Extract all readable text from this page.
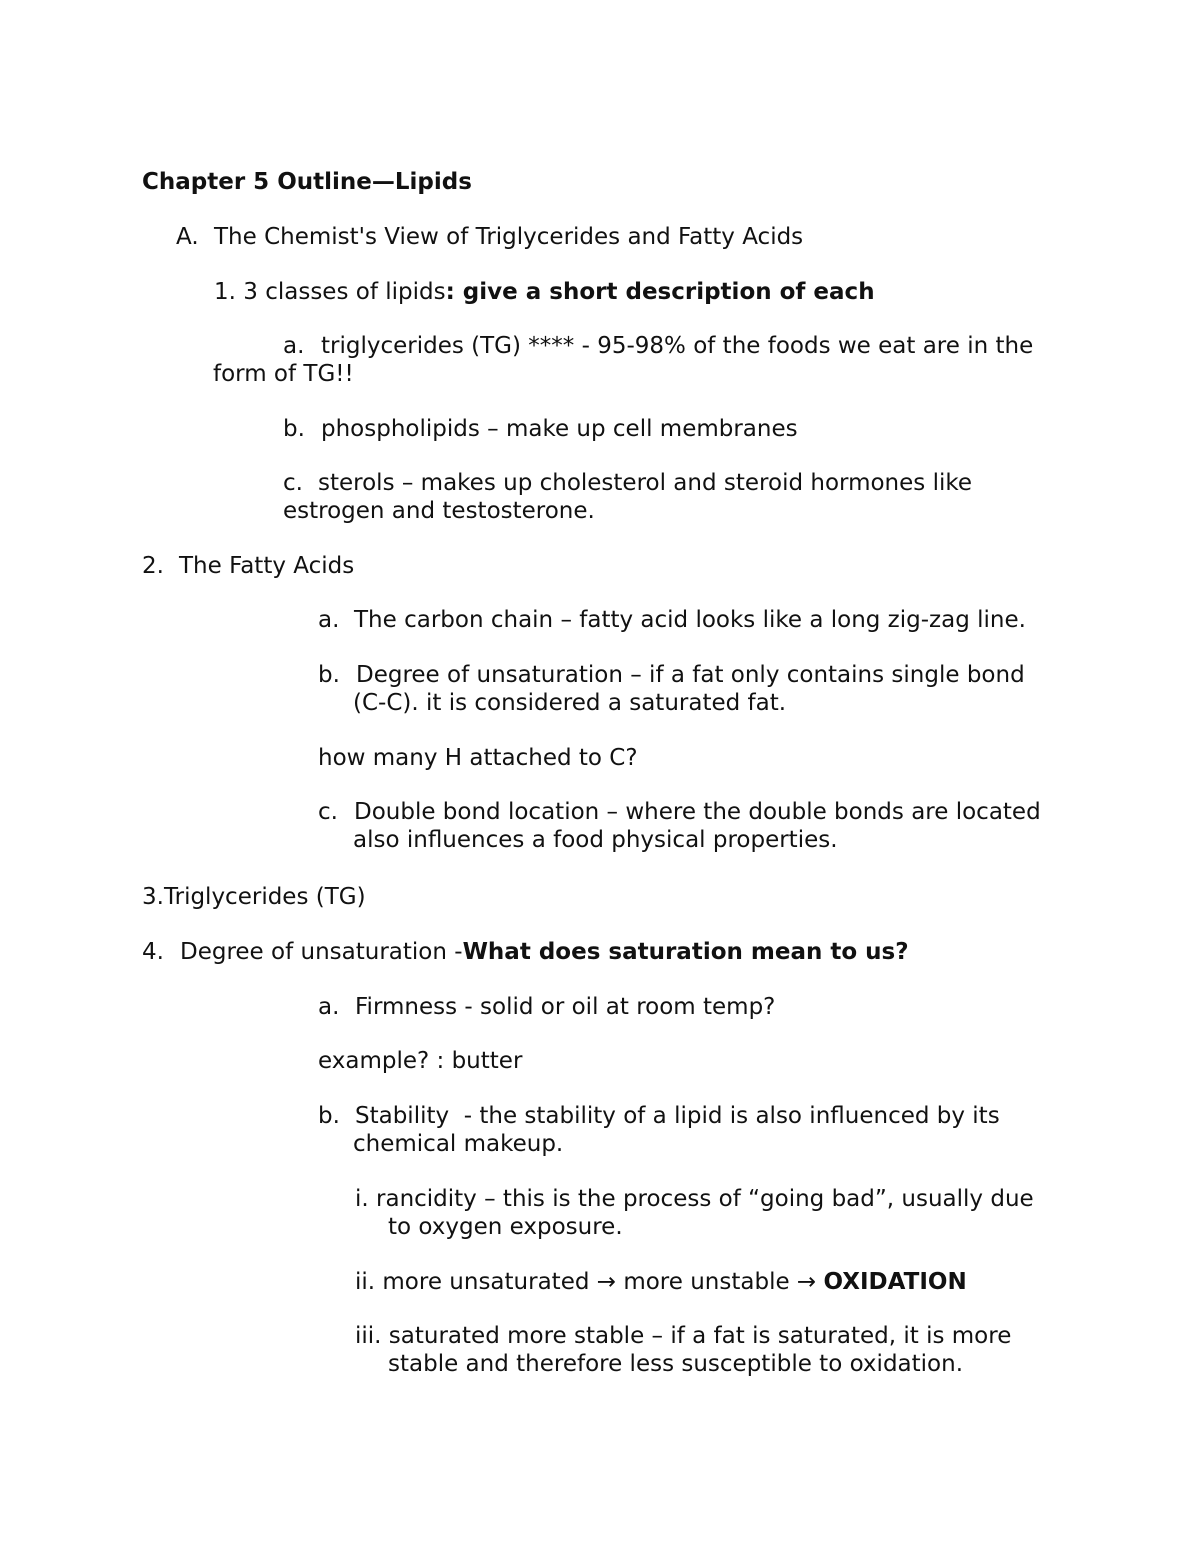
Chapter 5 Outline—Lipids

A. The Chemist's View of Triglycerides and Fatty Acids

1. 3 classes of lipids: give a short description of each

a. triglycerides (TG) **** - 95-98% of the foods we eat are in the

form of TG!!

b. phospholipids – make up cell membranes

c. sterols – makes up cholesterol and steroid hormones like

estrogen and testosterone.

2. The Fatty Acids

a. The carbon chain – fatty acid looks like a long zig-zag line.

b. Degree of unsaturation – if a fat only contains single bond

(C-C). it is considered a saturated fat.

how many H attached to C?

c. Double bond location – where the double bonds are located

also influences a food physical properties.

3.Triglycerides (TG)

4. Degree of unsaturation -What does saturation mean to us?

a. Firmness - solid or oil at room temp?

example? : butter

b. Stability  - the stability of a lipid is also influenced by its

chemical makeup.

i. rancidity – this is the process of “going bad”, usually due

to oxygen exposure.

ii. more unsaturated → more unstable → OXIDATION

iii. saturated more stable – if a fat is saturated, it is more

stable and therefore less susceptible to oxidation.
